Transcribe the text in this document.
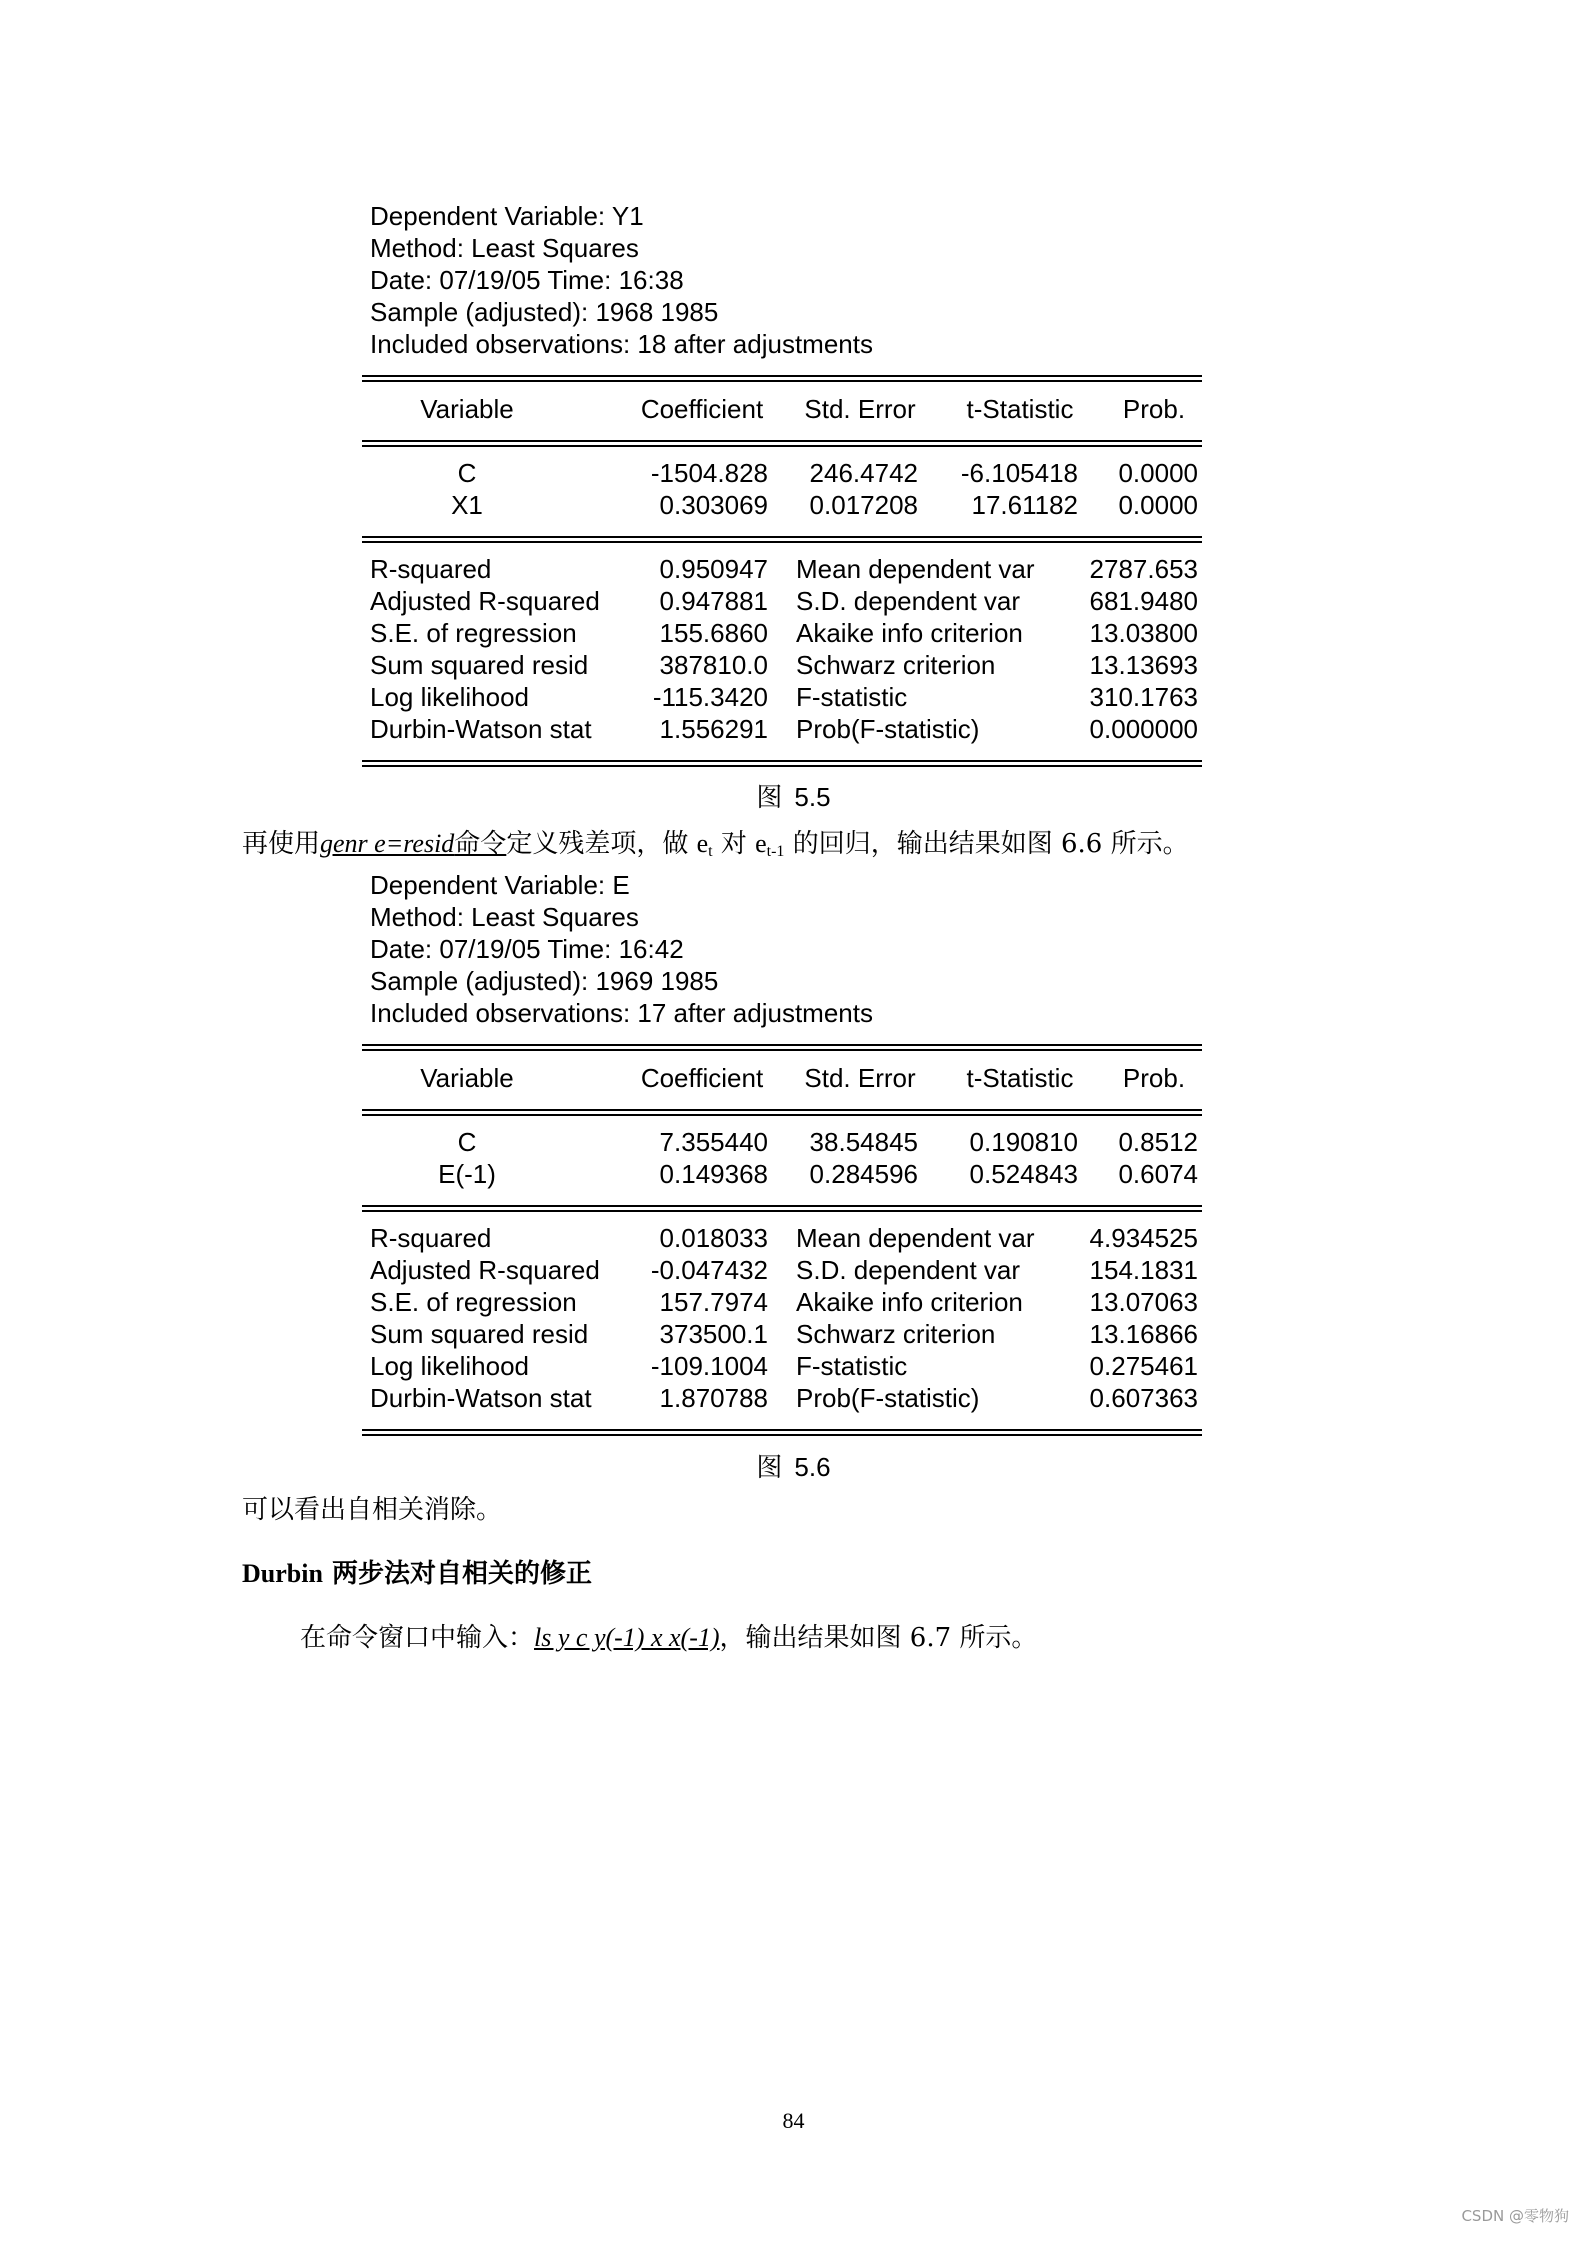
Dependent Variable: Y1
Method: Least Squares
Date: 07/19/05 Time: 16:38
Sample (adjusted): 1968 1985
Included observations: 18 after adjustments
Variable	Coefficient	Std. Error	t-Statistic	Prob.
C	-1504.828	246.4742	-6.105418	0.0000
X1	0.303069	0.017208	17.61182	0.0000
R-squared	0.950947 Mean dependent var	2787.653
Adjusted R-squared	0.947881 S.D. dependent var	681.9480
S.E. of regression	155.6860 Akaike info criterion	13.03800
Sum squared resid	387810.0 Schwarz criterion	13.13693
Log likelihood	-115.3420 F-statistic	310.1763
Durbin-Watson stat	1.556291 Prob(F-statistic)	0.000000
图 5.5
再使用genr e=resid命令定义残差项，做 $e_t$ 对 $e_{t-1}$ 的回归，输出结果如图 6.6 所示。
Dependent Variable: E
Method: Least Squares
Date: 07/19/05 Time: 16:42
Sample (adjusted): 1969 1985
Included observations: 17 after adjustments
Variable	Coefficient	Std. Error	t-Statistic	Prob.
C	7.355440	38.54845	0.190810	0.8512
E(-1)	0.149368	0.284596	0.524843	0.6074
R-squared	0.018033 Mean dependent var	4.934525
Adjusted R-squared	-0.047432 S.D. dependent var	154.1831
S.E. of regression	157.7974 Akaike info criterion	13.07063
Sum squared resid	373500.1 Schwarz criterion	13.16866
Log likelihood	-109.1004 F-statistic	0.275461
Durbin-Watson stat	1.870788 Prob(F-statistic)	0.607363
图 5.6
可以看出自相关消除。
Durbin 两步法对自相关的修正
在命令窗口中输入：ls y c y(-1) x x(-1)，输出结果如图 6.7 所示。
84
CSDN @零物狗
